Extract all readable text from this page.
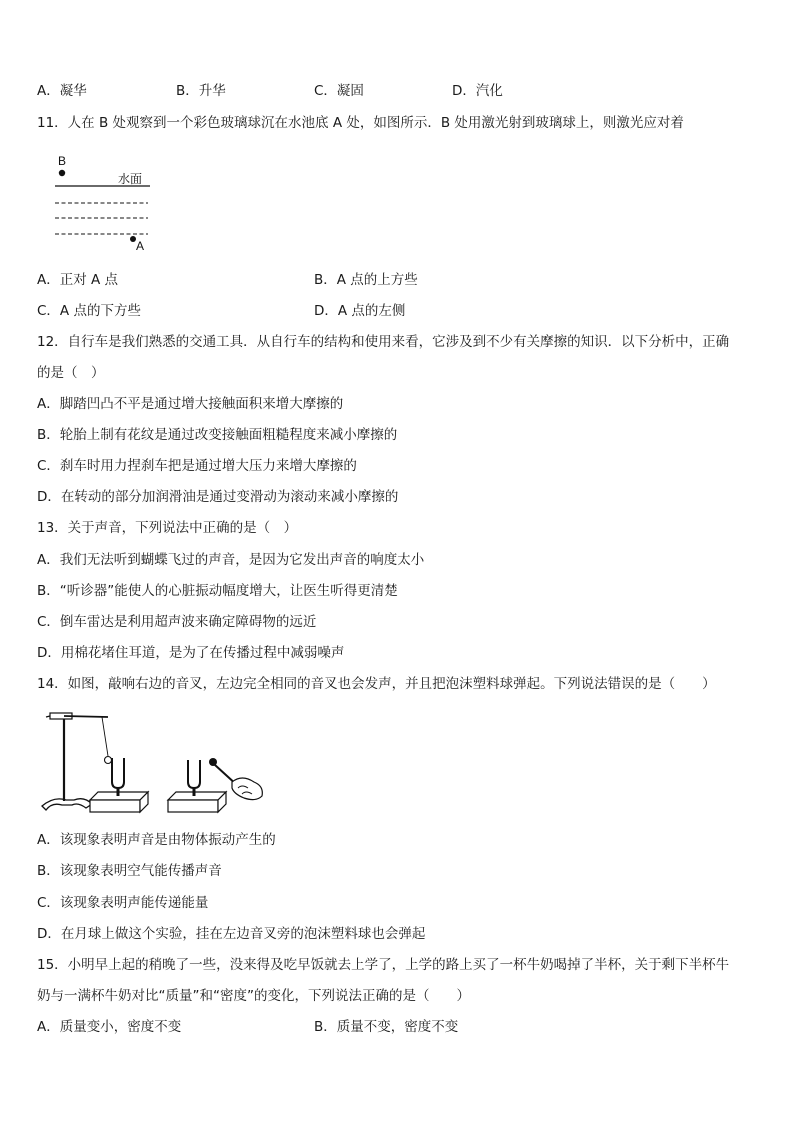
A．凝华	B．升华	C．凝固	D．汽化
11．人在 B 处观察到一个彩色玻璃球沉在水池底 A 处，如图所示．B 处用激光射到玻璃球上，则激光应对着
B
水面
A
A．正对 A 点	B．A 点的上方些
C．A 点的下方些	D．A 点的左侧
12．自行车是我们熟悉的交通工具．从自行车的结构和使用来看，它涉及到不少有关摩擦的知识．以下分析中，正确
的是（　）
A．脚踏凹凸不平是通过增大接触面积来增大摩擦的
B．轮胎上制有花纹是通过改变接触面粗糙程度来减小摩擦的
C．刹车时用力捏刹车把是通过增大压力来增大摩擦的
D．在转动的部分加润滑油是通过变滑动为滚动来减小摩擦的
13．关于声音，下列说法中正确的是（　）
A．我们无法听到蝴蝶飞过的声音，是因为它发出声音的响度太小
B．“听诊器”能使人的心脏振动幅度增大，让医生听得更清楚
C．倒车雷达是利用超声波来确定障碍物的远近
D．用棉花堵住耳道，是为了在传播过程中减弱噪声
14．如图，敲响右边的音叉，左边完全相同的音叉也会发声，并且把泡沫塑料球弹起。下列说法错误的是（　　）
A．该现象表明声音是由物体振动产生的
B．该现象表明空气能传播声音
C．该现象表明声能传递能量
D．在月球上做这个实验，挂在左边音叉旁的泡沫塑料球也会弹起
15．小明早上起的稍晚了一些，没来得及吃早饭就去上学了，上学的路上买了一杯牛奶喝掉了半杯，关于剩下半杯牛
奶与一满杯牛奶对比“质量”和“密度”的变化，下列说法正确的是（　　）
A．质量变小，密度不变	B．质量不变，密度不变
